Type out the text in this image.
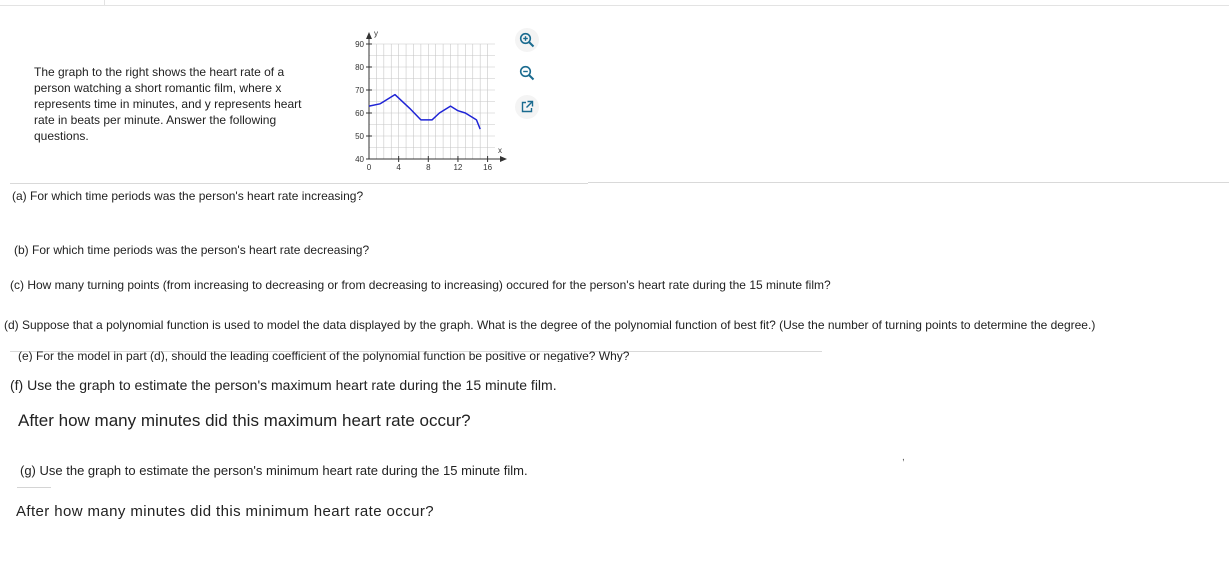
The graph to the right shows the heart rate of a
person watching a short romantic film, where x
represents time in minutes, and y represents heart
rate in beats per minute. Answer the following
questions.
90
80
70
60
50
40
0	4	8	12	16
x
y
(a) For which time periods was the person's heart rate increasing?
(b) For which time periods was the person's heart rate decreasing?
(c) How many turning points (from increasing to decreasing or from decreasing to increasing) occured for the person's heart rate during the 15 minute film?
(d) Suppose that a polynomial function is used to model the data displayed by the graph. What is the degree of the polynomial function of best fit? (Use the number of turning points to determine the degree.)
(e) For the model in part (d), should the leading coefficient of the polynomial function be positive or negative? Why?
(f) Use the graph to estimate the person's maximum heart rate during the 15 minute film.
After how many minutes did this maximum heart rate occur?
(g) Use the graph to estimate the person's minimum heart rate during the 15 minute film.
After how many minutes did this minimum heart rate occur?
,
